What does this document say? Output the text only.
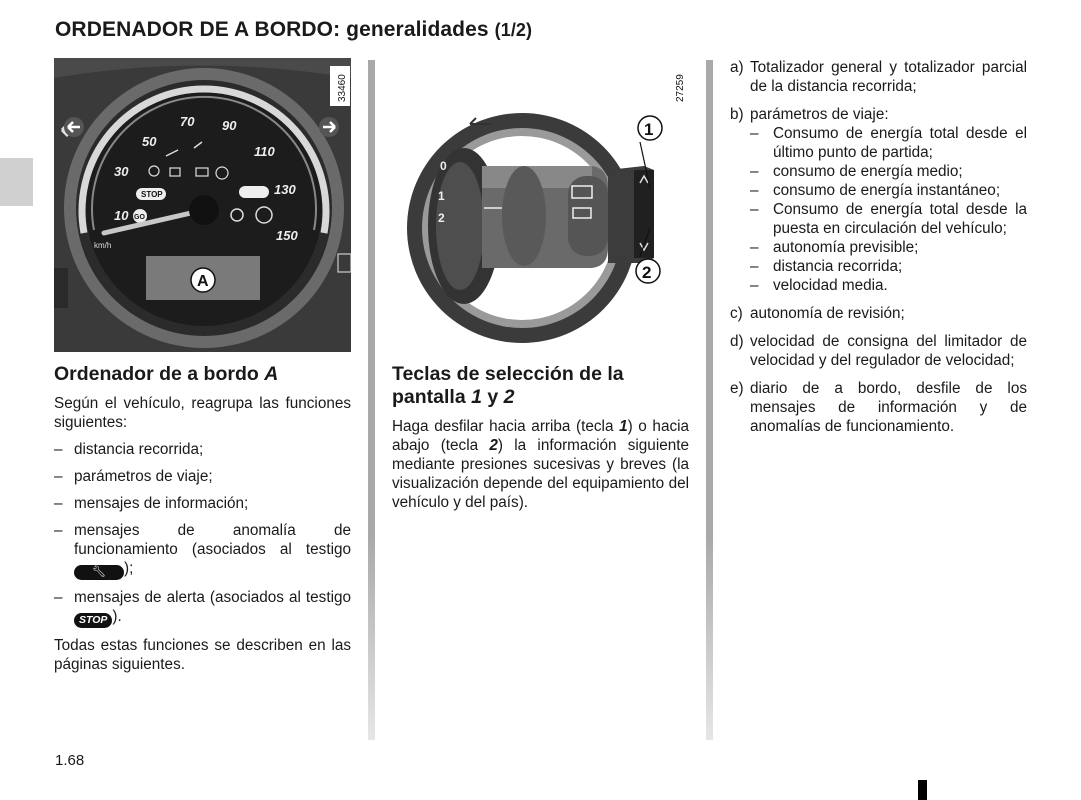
ORDENADOR DE A BORDO: generalidades (1/2)
10
30
50
70 90
110
130
150
km/h
STOP
GO
A
33460
0
1
2
1
2
27259
Ordenador de a bordo A

Según el vehículo, reagrupa las funciones siguientes:

– distancia recorrida;
– parámetros de viaje;
– mensajes de información;
– mensajes de anomalía de funcionamiento (asociados al testigo 🔧︎ );
– mensajes de alerta (asociados al testigo STOP ).

Todas estas funciones se describen en las páginas siguientes.

Teclas de selección de la pantalla 1 y 2

Haga desfilar hacia arriba (tecla 1) o hacia abajo (tecla 2) la información siguiente mediante presiones sucesivas y breves (la visualización depende del equipamiento del vehículo y del país).

a) Totalizador general y totalizador parcial de la distancia recorrida;
b) parámetros de viaje:
– Consumo de energía total desde el último punto de partida;
– consumo de energía medio;
– consumo de energía instantáneo;
– Consumo de energía total desde la puesta en circulación del vehículo;
– autonomía previsible;
– distancia recorrida;
– velocidad media.
c) autonomía de revisión;
d) velocidad de consigna del limitador de velocidad y del regulador de velocidad;
e) diario de a bordo, desfile de los mensajes de información y de anomalías de funcionamiento.
1.68
